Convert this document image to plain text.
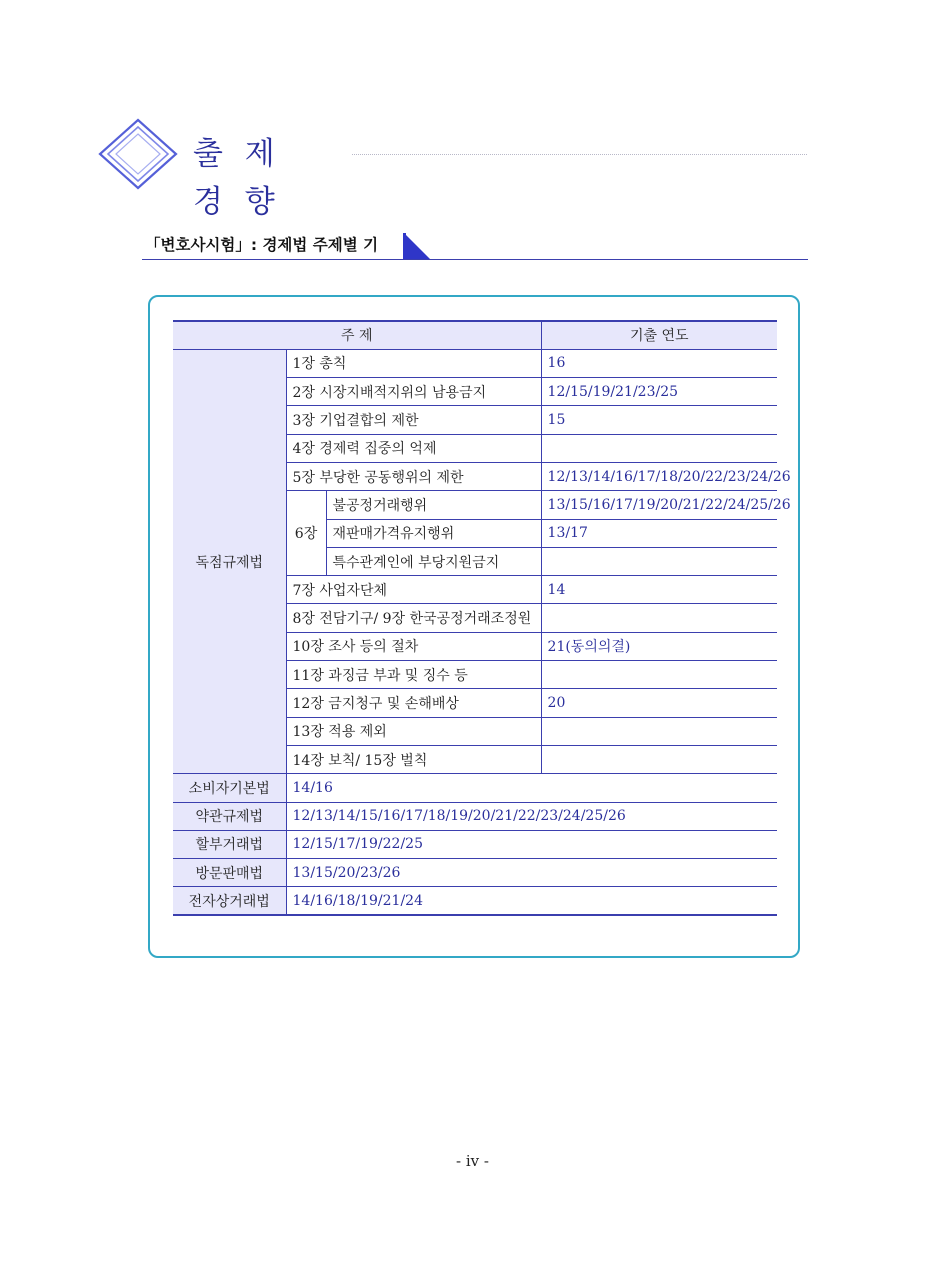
출 제 경 향
「변호사시험」: 경제법 주제별 기
주 제			기출 연도
독점규제법	1장 총칙		16
	2장 시장지배적지위의 남용금지		12/15/19/21/23/25
	3장 기업결합의 제한		15
	4장 경제력 집중의 억제		
	5장 부당한 공동행위의 제한		12/13/14/16/17/18/20/22/23/24/26
	6장	불공정거래행위	13/15/16/17/19/20/21/22/24/25/26
		재판매가격유지행위	13/17
		특수관계인에 부당지원금지	
	7장 사업자단체		14
	8장 전담기구/ 9장 한국공정거래조정원		
	10장 조사 등의 절차		21(동의의결)
	11장 과징금 부과 및 징수 등		
	12장 금지청구 및 손해배상		20
	13장 적용 제외		
	14장 보칙/ 15장 벌칙		
소비자기본법	14/16		
약관규제법	12/13/14/15/16/17/18/19/20/21/22/23/24/25/26		
할부거래법	12/15/17/19/22/25		
방문판매법	13/15/20/23/26		
전자상거래법	14/16/18/19/21/24		
- iv -
